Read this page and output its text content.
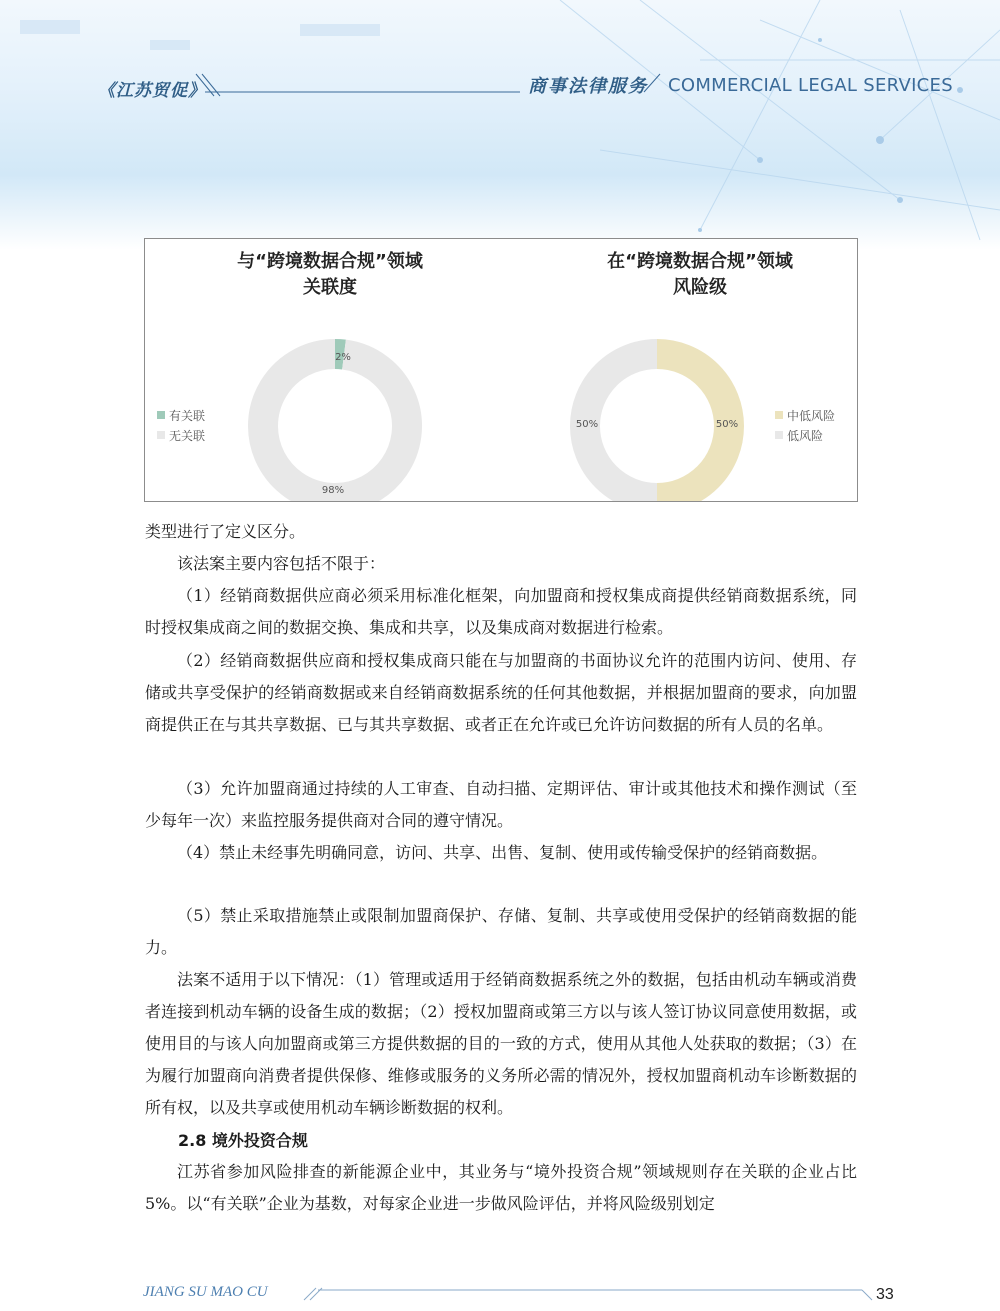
《江苏贸促》	商事法律服务 COMMERCIAL LEGAL SERVICES
与“跨境数据合规”领域
关联度
在“跨境数据合规”领域
风险级
有关联
无关联
中低风险
低风险
2%
98%
50%
50%
类型进行了定义区分。
该法案主要内容包括不限于：
（1）经销商数据供应商必须采用标准化框架，向加盟商和授权集成商提供经销商数据系统，同时授权集成商之间的数据交换、集成和共享，以及集成商对数据进行检索。
（2）经销商数据供应商和授权集成商只能在与加盟商的书面协议允许的范围内访问、使用、存储或共享受保护的经销商数据或来自经销商数据系统的任何其他数据，并根据加盟商的要求，向加盟商提供正在与其共享数据、已与其共享数据、或者正在允许或已允许访问数据的所有人员的名单。
（3）允许加盟商通过持续的人工审查、自动扫描、定期评估、审计或其他技术和操作测试（至少每年一次）来监控服务提供商对合同的遵守情况。
（4）禁止未经事先明确同意，访问、共享、出售、复制、使用或传输受保护的经销商数据。
（5）禁止采取措施禁止或限制加盟商保护、存储、复制、共享或使用受保护的经销商数据的能力。
法案不适用于以下情况：（1）管理或适用于经销商数据系统之外的数据，包括由机动车辆或消费者连接到机动车辆的设备生成的数据；（2）授权加盟商或第三方以与该人签订协议同意使用数据，或使用目的与该人向加盟商或第三方提供数据的目的一致的方式，使用从其他人处获取的数据；（3）在为履行加盟商向消费者提供保修、维修或服务的义务所必需的情况外，授权加盟商机动车诊断数据的所有权，以及共享或使用机动车辆诊断数据的权利。
2.8 境外投资合规
江苏省参加风险排查的新能源企业中，其业务与“境外投资合规”领域规则存在关联的企业占比5%。以“有关联”企业为基数，对每家企业进一步做风险评估，并将风险级别划定
JIANG SU MAO CU	33
